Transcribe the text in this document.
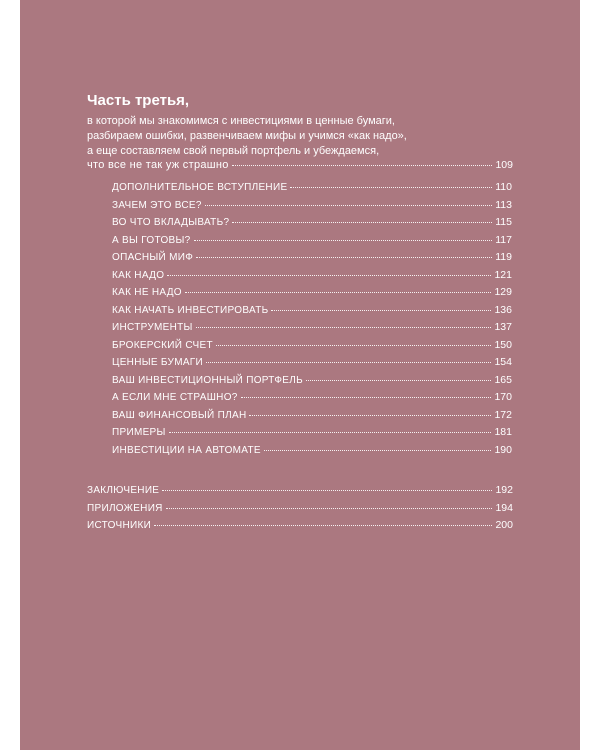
Часть третья,
в которой мы знакомимся с инвестициями в ценные бумаги,
разбираем ошибки, развенчиваем мифы и учимся «как надо»,
а еще составляем свой первый портфель и убеждаемся,
что все не так уж страшно	109
ДОПОЛНИТЕЛЬНОЕ ВСТУПЛЕНИЕ	110
ЗАЧЕМ ЭТО ВСЕ?	113
ВО ЧТО ВКЛАДЫВАТЬ?	115
А ВЫ ГОТОВЫ?	117
ОПАСНЫЙ МИФ	119
КАК НАДО	121
КАК НЕ НАДО	129
КАК НАЧАТЬ ИНВЕСТИРОВАТЬ	136
ИНСТРУМЕНТЫ	137
БРОКЕРСКИЙ СЧЕТ	150
ЦЕННЫЕ БУМАГИ	154
ВАШ ИНВЕСТИЦИОННЫЙ ПОРТФЕЛЬ	165
А ЕСЛИ МНЕ СТРАШНО?	170
ВАШ ФИНАНСОВЫЙ ПЛАН	172
ПРИМЕРЫ	181
ИНВЕСТИЦИИ НА АВТОМАТЕ	190
ЗАКЛЮЧЕНИЕ	192
ПРИЛОЖЕНИЯ	194
ИСТОЧНИКИ	200
